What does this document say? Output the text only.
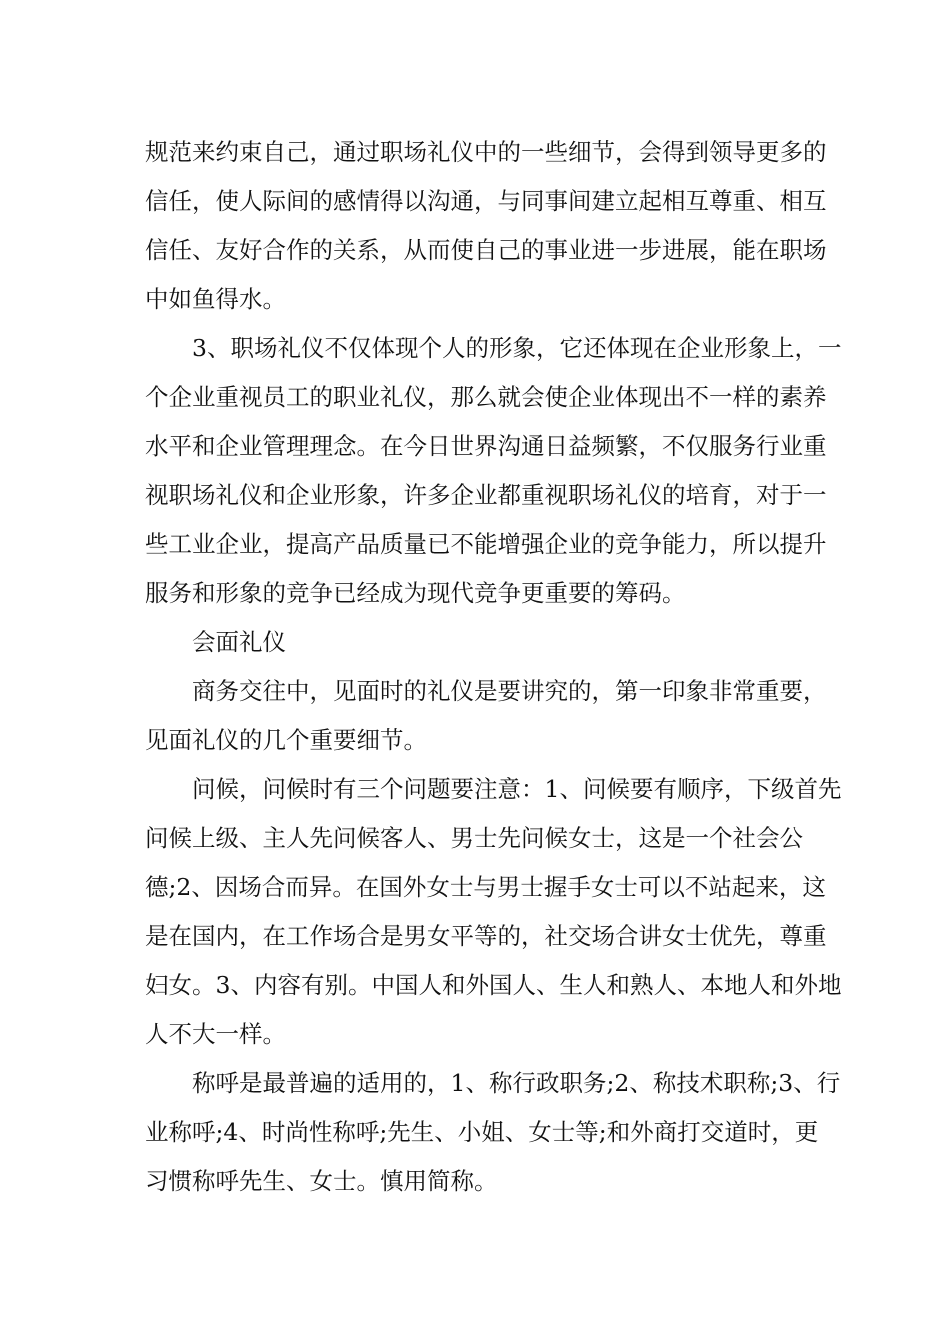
规范来约束自己，通过职场礼仪中的一些细节，会得到领导更多的
信任，使人际间的感情得以沟通，与同事间建立起相互尊重、相互
信任、友好合作的关系，从而使自己的事业进一步进展，能在职场
中如鱼得水。
3、职场礼仪不仅体现个人的形象，它还体现在企业形象上，一
个企业重视员工的职业礼仪，那么就会使企业体现出不一样的素养
水平和企业管理理念。在今日世界沟通日益频繁，不仅服务行业重
视职场礼仪和企业形象，许多企业都重视职场礼仪的培育，对于一
些工业企业，提高产品质量已不能增强企业的竞争能力，所以提升
服务和形象的竞争已经成为现代竞争更重要的筹码。
会面礼仪
商务交往中，见面时的礼仪是要讲究的，第一印象非常重要，
见面礼仪的几个重要细节。
问候，问候时有三个问题要注意：1、问候要有顺序，下级首先
问候上级、主人先问候客人、男士先问候女士，这是一个社会公
德;2、因场合而异。在国外女士与男士握手女士可以不站起来，这
是在国内，在工作场合是男女平等的，社交场合讲女士优先，尊重
妇女。3、内容有别。中国人和外国人、生人和熟人、本地人和外地
人不大一样。
称呼是最普遍的适用的，1、称行政职务;2、称技术职称;3、行
业称呼;4、时尚性称呼;先生、小姐、女士等;和外商打交道时，更
习惯称呼先生、女士。慎用简称。
